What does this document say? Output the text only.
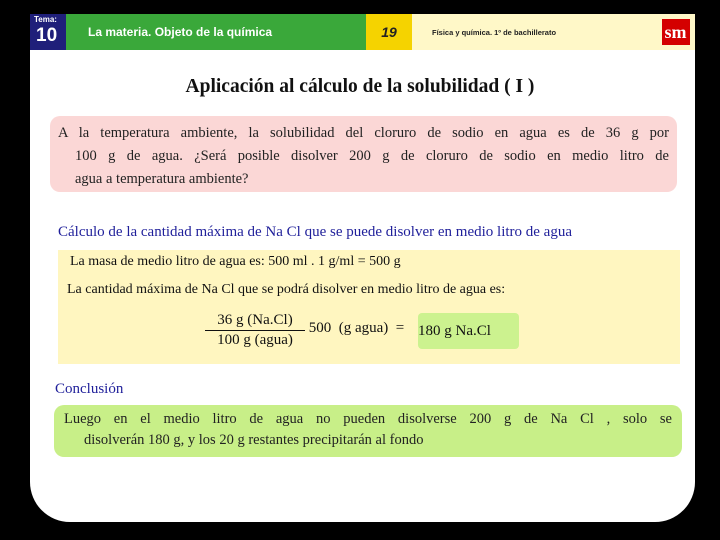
Tema:
10	La materia. Objeto de la química	19	Física y química. 1º de bachillerato	sm
Aplicación al cálculo de la solubilidad ( I )
A la temperatura ambiente, la solubilidad del cloruro de sodio en agua es de 36 g por
100 g de agua. ¿Será posible disolver 200 g de cloruro de sodio en medio litro de
agua a temperatura ambiente?
Cálculo de la cantidad máxima de Na Cl que se puede disolver en medio litro de agua
La masa de medio litro de agua es: 500 ml . 1 g/ml = 500 g
La cantidad máxima de Na Cl que se podrá disolver en medio litro de agua es:
36 g (Na.Cl)
100 g (agua)
500  (g agua)  = 180 g Na.Cl
Conclusión
Luego en el medio litro de agua no pueden disolverse 200 g de Na Cl , solo se
disolverán 180 g, y los 20 g restantes precipitarán al fondo
